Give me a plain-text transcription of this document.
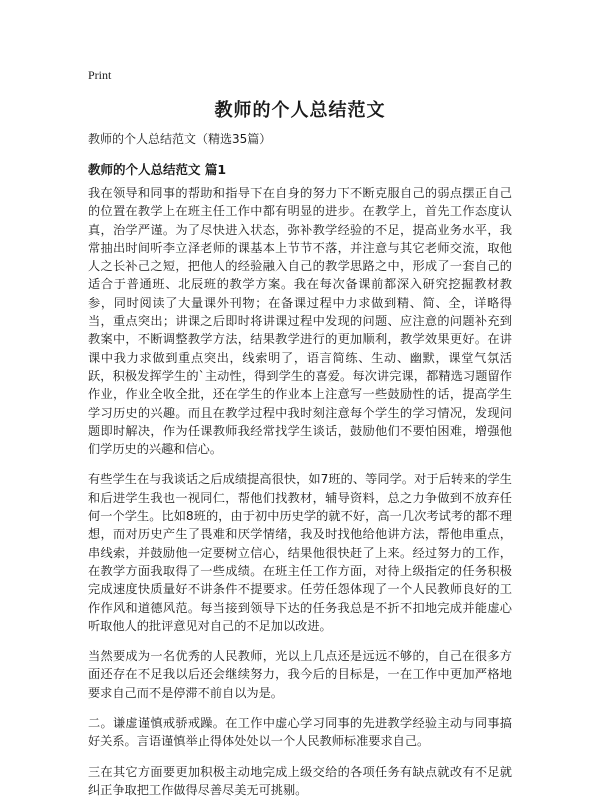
Print
教师的个人总结范文
教师的个人总结范文（精选35篇）
教师的个人总结范文 篇1

我在领导和同事的帮助和指导下在自身的努力下不断克服自己的弱点摆正自己的位置在教学上在班主任工作中都有明显的进步。在教学上，首先工作态度认真，治学严谨。为了尽快进入状态，弥补教学经验的不足，提高业务水平，我常抽出时间听李立泽老师的课基本上节节不落，并注意与其它老师交流，取他人之长补己之短，把他人的经验融入自己的教学思路之中，形成了一套自己的适合于普通班、北辰班的教学方案。我在每次备课前都深入研究挖掘教材教参，同时阅读了大量课外刊物；在备课过程中力求做到精、简、全，详略得当，重点突出；讲课之后即时将讲课过程中发现的问题、应注意的问题补充到教案中，不断调整教学方法，结果教学进行的更加顺利，教学效果更好。在讲课中我力求做到重点突出，线索明了，语言简练、生动、幽默，课堂气氛活跃，积极发挥学生的`主动性，得到学生的喜爱。每次讲完课，都精选习题留作作业，作业全收全批，还在学生的作业本上注意写一些鼓励性的话，提高学生学习历史的兴趣。而且在教学过程中我时刻注意每个学生的学习情况，发现问题即时解决，作为任课教师我经常找学生谈话，鼓励他们不要怕困难，增强他们学历史的兴趣和信心。

有些学生在与我谈话之后成绩提高很快，如7班的、等同学。对于后转来的学生和后进学生我也一视同仁，帮他们找教材，辅导资料，总之力争做到不放弃任何一个学生。比如8班的，由于初中历史学的就不好，高一几次考试考的都不理想，而对历史产生了畏难和厌学情绪，我及时找他给他讲方法，帮他串重点，串线索，并鼓励他一定要树立信心，结果他很快赶了上来。经过努力的工作，在教学方面我取得了一些成绩。在班主任工作方面，对待上级指定的任务积极完成速度快质量好不讲条件不提要求。任劳任怨体现了一个人民教师良好的工作作风和道德风范。每当接到领导下达的任务我总是不折不扣地完成并能虚心听取他人的批评意见对自己的不足加以改进。

当然要成为一名优秀的人民教师，光以上几点还是远远不够的，自己在很多方面还存在不足我以后还会继续努力，我今后的目标是，一在工作中更加严格地要求自己而不是停滞不前自以为是。

二。谦虚谨慎戒骄戒躁。在工作中虚心学习同事的先进教学经验主动与同事搞好关系。言语谨慎举止得体处处以一个人民教师标准要求自己。

三在其它方面要更加积极主动地完成上级交给的各项任务有缺点就改有不足就纠正争取把工作做得尽善尽美无可挑剔。
